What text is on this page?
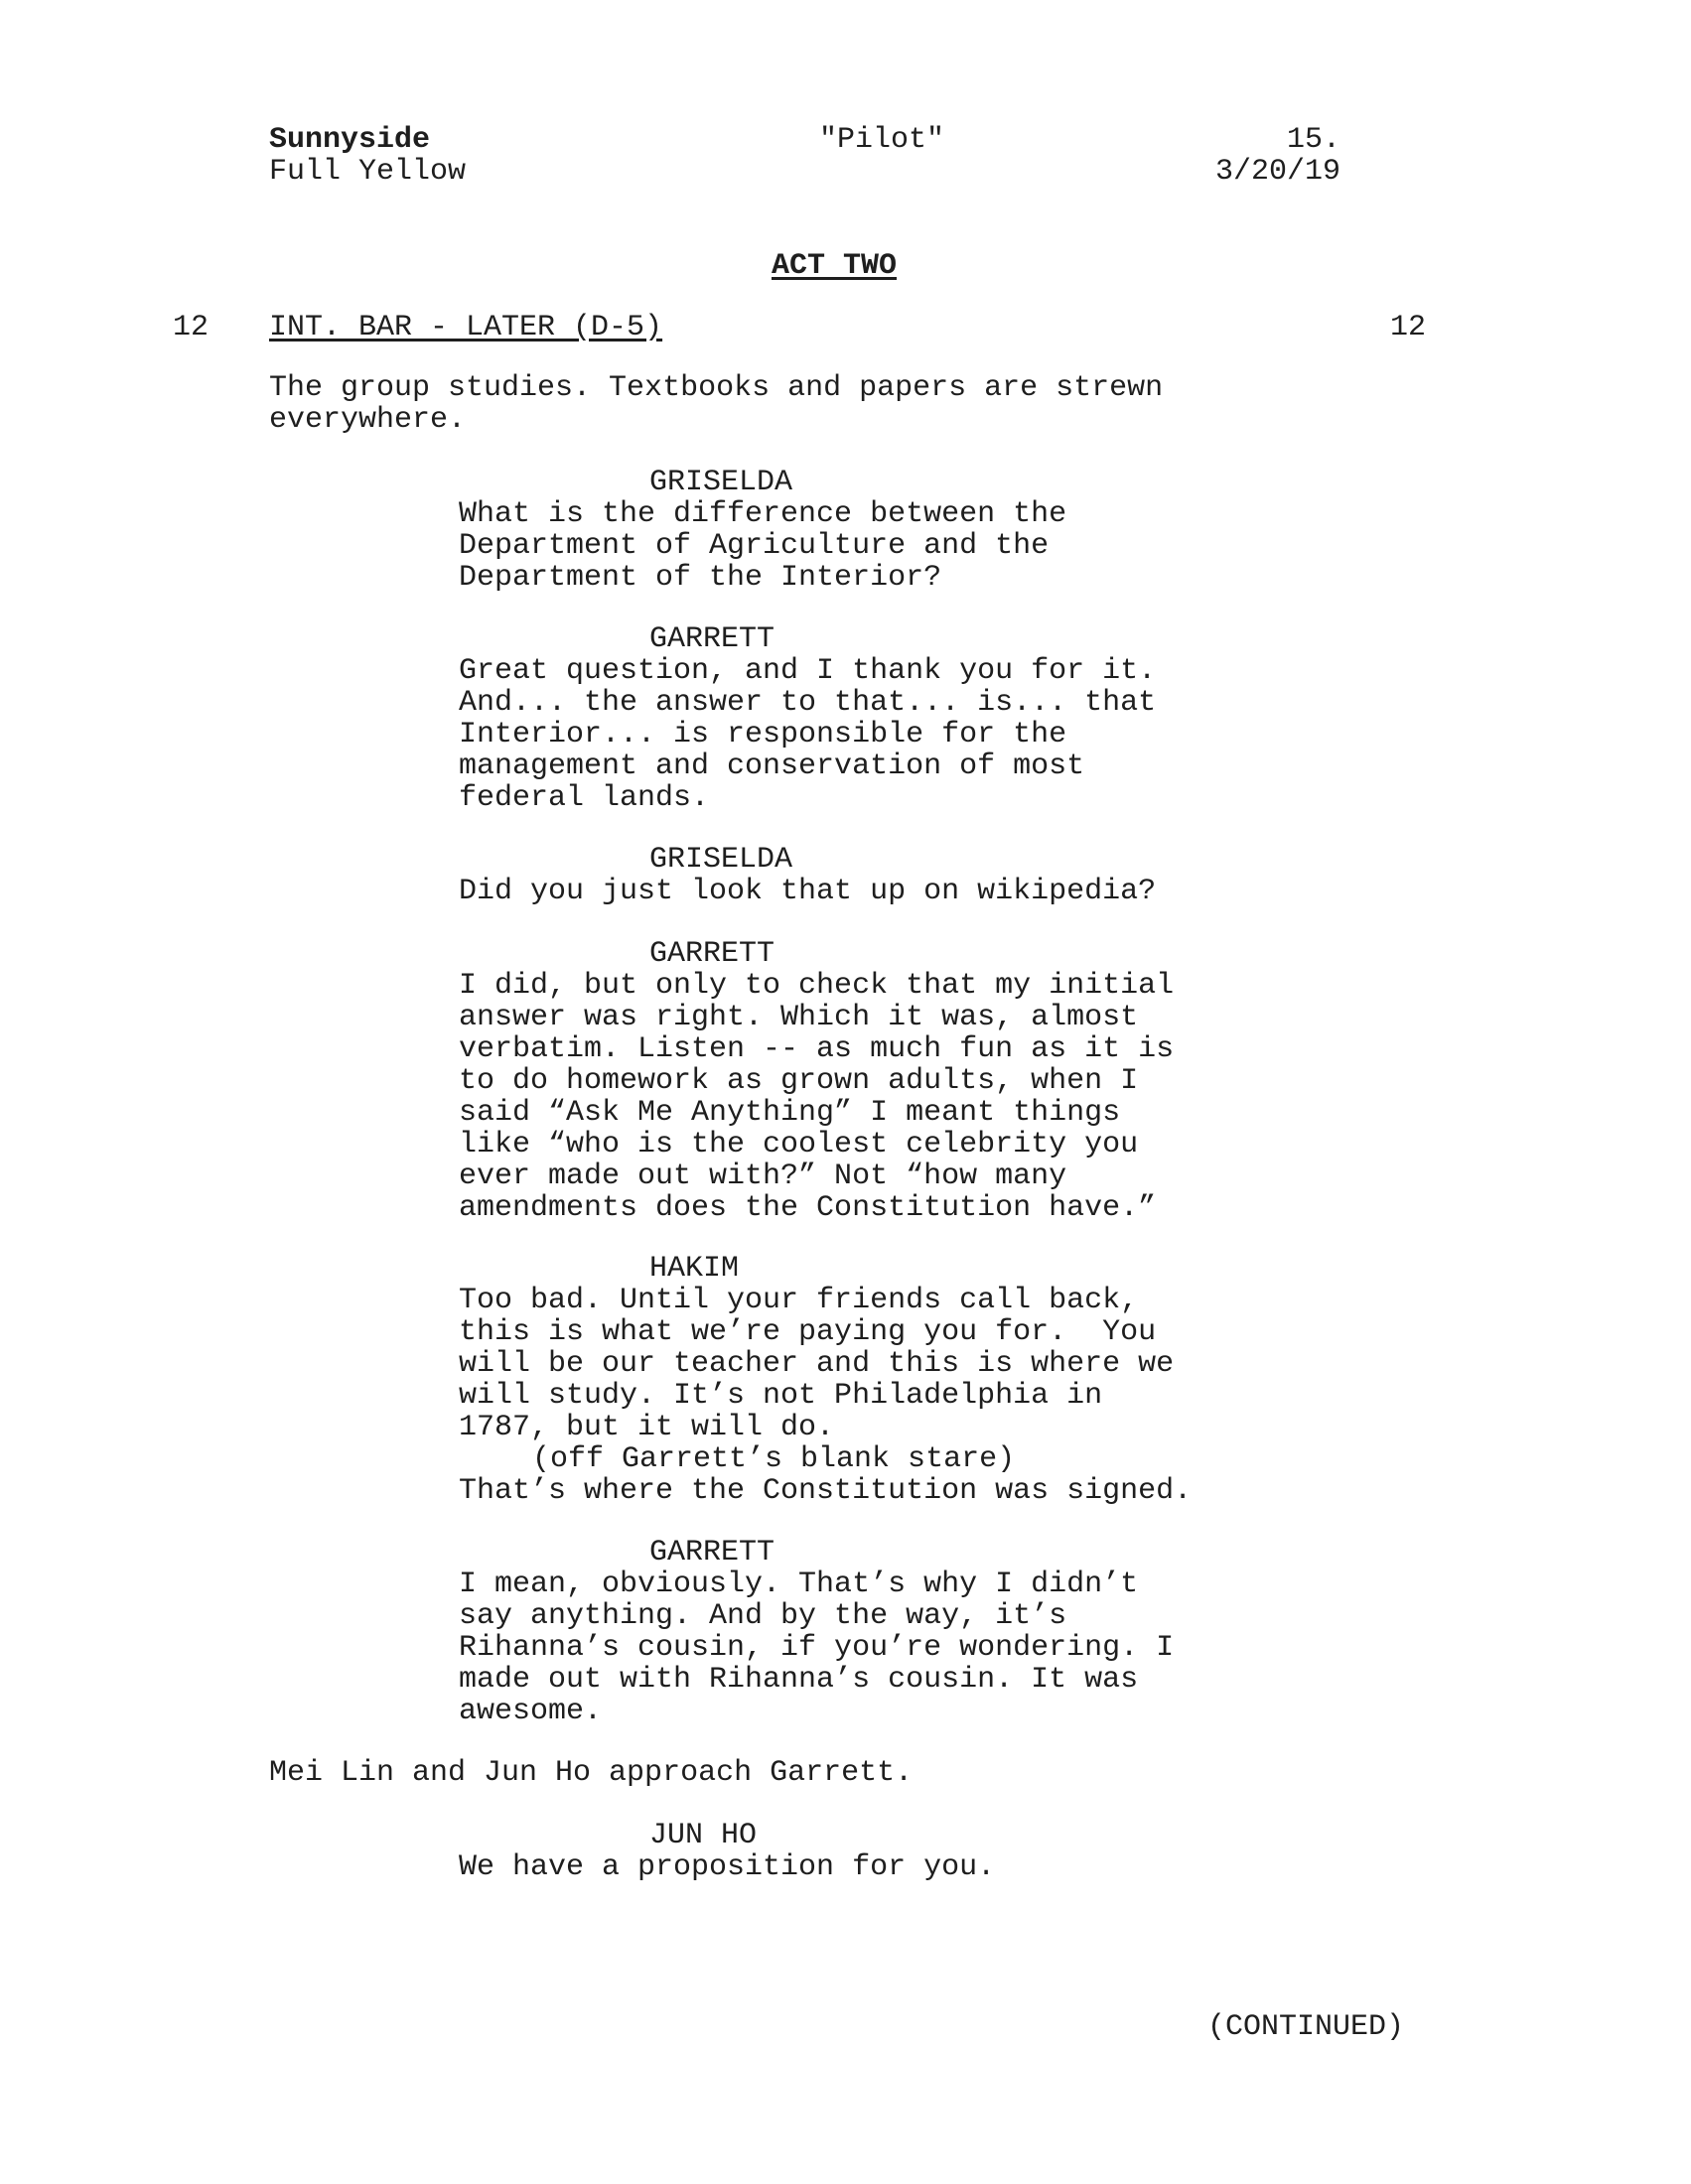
Sunnyside
Full Yellow
"Pilot"	15.
3/20/19
ACT TWO
12 INT. BAR - LATER (D-5)	12
The group studies. Textbooks and papers are strewn
everywhere.
GRISELDA
What is the difference between the
Department of Agriculture and the
Department of the Interior?
GARRETT
Great question, and I thank you for it.
And... the answer to that... is... that
Interior... is responsible for the
management and conservation of most
federal lands.
GRISELDA
Did you just look that up on wikipedia?
GARRETT
I did, but only to check that my initial
answer was right. Which it was, almost
verbatim. Listen -- as much fun as it is
to do homework as grown adults, when I
said “Ask Me Anything” I meant things
like “who is the coolest celebrity you
ever made out with?” Not “how many
amendments does the Constitution have.”
HAKIM
Too bad. Until your friends call back,
this is what we’re paying you for.  You
will be our teacher and this is where we
will study. It’s not Philadelphia in
1787, but it will do.
(off Garrett’s blank stare)
That’s where the Constitution was signed.
GARRETT
I mean, obviously. That’s why I didn’t
say anything. And by the way, it’s
Rihanna’s cousin, if you’re wondering. I
made out with Rihanna’s cousin. It was
awesome.
Mei Lin and Jun Ho approach Garrett.
JUN HO
We have a proposition for you.
(CONTINUED)
